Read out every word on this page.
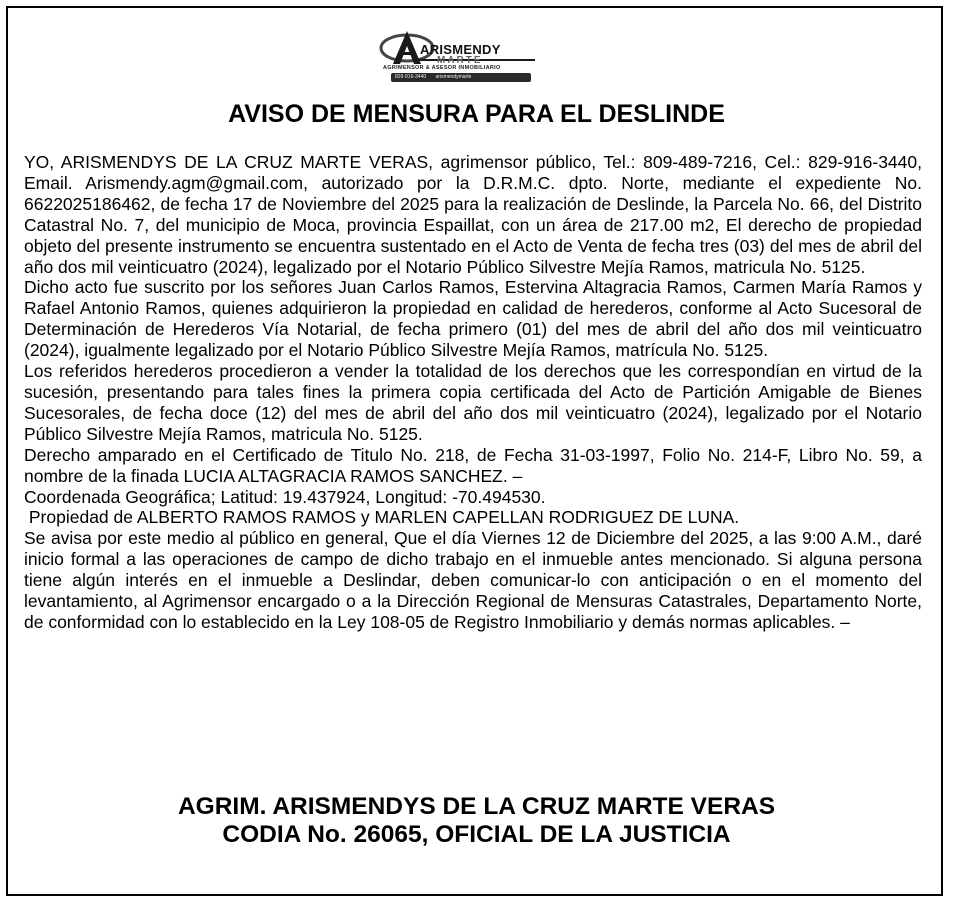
ARISMENDY
MARTE
AGRIMENSOR & ASESOR INMOBILIARIO
829-916-3440 arismendymarte
AVISO DE MENSURA PARA EL DESLINDE

YO, ARISMENDYS DE LA CRUZ MARTE VERAS, agrimensor público, Tel.: 809-489-7216, Cel.: 829-916-3440, Email. Arismendy.agm@gmail.com, autorizado por la D.R.M.C. dpto. Norte, mediante el expediente No. 6622025186462, de fecha 17 de Noviembre del 2025 para la realización de Deslinde, la Parcela No. 66, del Distrito Catastral No. 7, del municipio de Moca, provincia Espaillat, con un área de 217.00 m2, El derecho de propiedad objeto del presente instrumento se encuentra sustentado en el Acto de Venta de fecha tres (03) del mes de abril del año dos mil veinticuatro (2024), legalizado por el Notario Público Silvestre Mejía Ramos, matricula No. 5125.

Dicho acto fue suscrito por los señores Juan Carlos Ramos, Estervina Altagracia Ramos, Carmen María Ramos y Rafael Antonio Ramos, quienes adquirieron la propiedad en calidad de herederos, conforme al Acto Sucesoral de Determinación de Herederos Vía Notarial, de fecha primero (01) del mes de abril del año dos mil veinticuatro (2024), igualmente legalizado por el Notario Público Silvestre Mejía Ramos, matrícula No. 5125.

Los referidos herederos procedieron a vender la totalidad de los derechos que les correspondían en virtud de la sucesión, presentando para tales fines la primera copia certificada del Acto de Partición Amigable de Bienes Sucesorales, de fecha doce (12) del mes de abril del año dos mil veinticuatro (2024), legalizado por el Notario Público Silvestre Mejía Ramos, matricula No. 5125.

Derecho amparado en el Certificado de Titulo No. 218, de Fecha 31-03-1997, Folio No. 214-F, Libro No. 59, a nombre de la finada LUCIA ALTAGRACIA RAMOS SANCHEZ. –

Coordenada Geográfica; Latitud: 19.437924, Longitud: -70.494530.

Propiedad de ALBERTO RAMOS RAMOS y MARLEN CAPELLAN RODRIGUEZ DE LUNA.

Se avisa por este medio al público en general, Que el día Viernes 12 de Diciembre del 2025, a las 9:00 A.M., daré inicio formal a las operaciones de campo de dicho trabajo en el inmueble antes mencionado. Si alguna persona tiene algún interés en el inmueble a Deslindar, deben comunicar-lo con anticipación o en el momento del levantamiento, al Agrimensor encargado o a la Dirección Regional de Mensuras Catastrales, Departamento Norte, de conformidad con lo establecido en la Ley 108-05 de Registro Inmobiliario y demás normas aplicables. –

AGRIM. ARISMENDYS DE LA CRUZ MARTE VERAS
CODIA No. 26065, OFICIAL DE LA JUSTICIA
